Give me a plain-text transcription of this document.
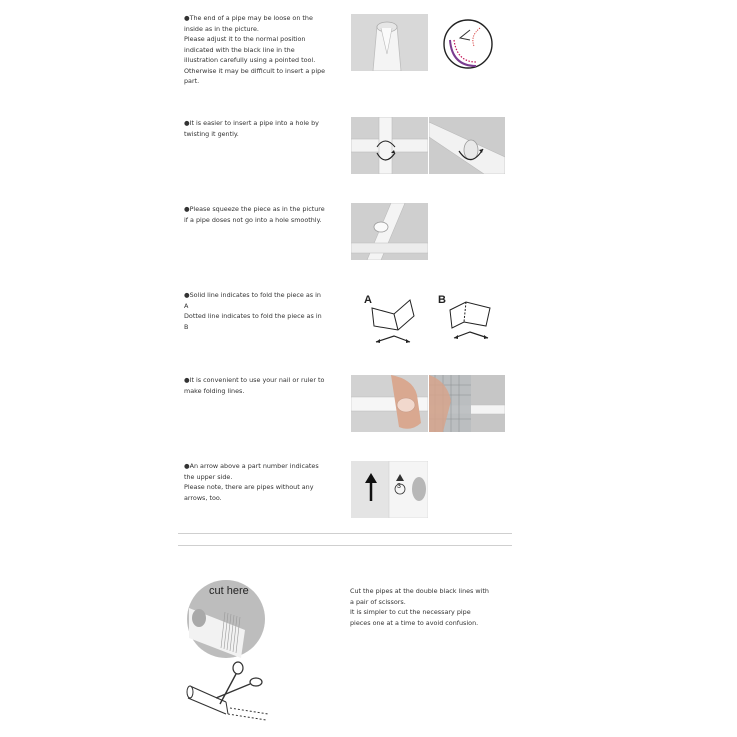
●The end of a pipe may be loose on the

inside as in the picture.

Please adjust it to the normal position

indicated with the black line in the

illustration carefully using a pointed tool.

Otherwise it may be difficult to insert a pipe

part.

●It is easier to insert a pipe into a hole by

twisting it gently.

●Please squeeze the piece as in the picture

if a pipe doses not go into a hole smoothly.

●Solid line indicates to fold the piece as in

A

Dotted line indicates to fold the piece as in

B

A	B

●It is convenient to use your nail or ruler to

make folding lines.

●An arrow above a part number indicates

the upper side.

Please note, there are pipes without any

arrows, too.

3
cut here	Cut the pipes at the double black lines with

a pair of scissors.

It is simpler to cut the necessary pipe

pieces one at a time to avoid confusion.
